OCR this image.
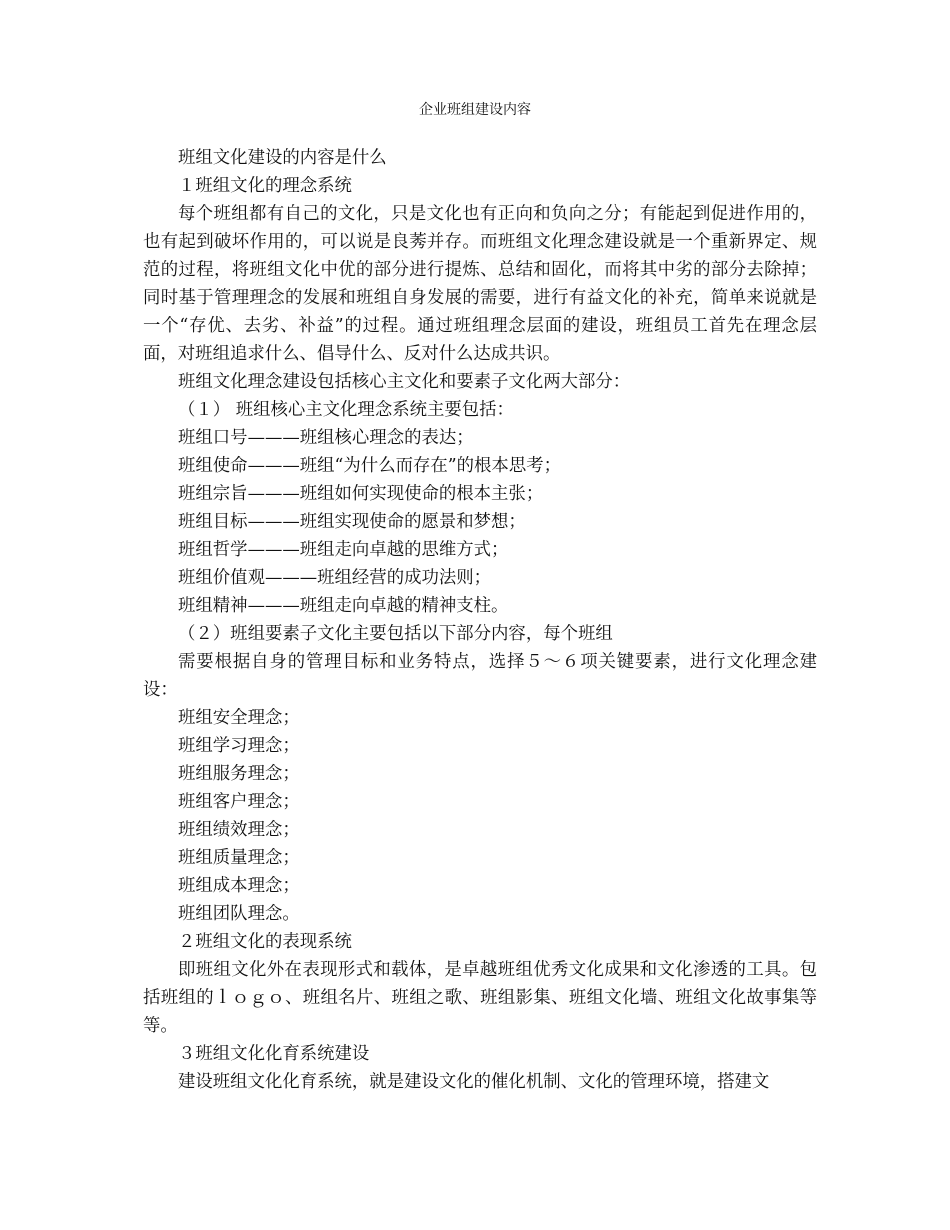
企业班组建设内容

班组文化建设的内容是什么

１班组文化的理念系统

每个班组都有自己的文化，只是文化也有正向和负向之分；有能起到促进作用的，也有起到破坏作用的，可以说是良莠并存。而班组文化理念建设就是一个重新界定、规范的过程，将班组文化中优的部分进行提炼、总结和固化，而将其中劣的部分去除掉；同时基于管理理念的发展和班组自身发展的需要，进行有益文化的补充，简单来说就是一个“存优、去劣、补益”的过程。通过班组理念层面的建设，班组员工首先在理念层面，对班组追求什么、倡导什么、反对什么达成共识。

班组文化理念建设包括核心主文化和要素子文化两大部分：

（１） 班组核心主文化理念系统主要包括：

班组口号———班组核心理念的表达；

班组使命———班组“为什么而存在”的根本思考；

班组宗旨———班组如何实现使命的根本主张；

班组目标———班组实现使命的愿景和梦想；

班组哲学———班组走向卓越的思维方式；

班组价值观———班组经营的成功法则；

班组精神———班组走向卓越的精神支柱。

（２）班组要素子文化主要包括以下部分内容，每个班组

需要根据自身的管理目标和业务特点，选择５～６项关键要素，进行文化理念建设：

班组安全理念；

班组学习理念；

班组服务理念；

班组客户理念；

班组绩效理念；

班组质量理念；

班组成本理念；

班组团队理念。

２班组文化的表现系统

即班组文化外在表现形式和载体，是卓越班组优秀文化成果和文化渗透的工具。包括班组的ｌｏｇｏ、班组名片、班组之歌、班组影集、班组文化墙、班组文化故事集等等。

３班组文化化育系统建设

建设班组文化化育系统，就是建设文化的催化机制、文化的管理环境，搭建文
